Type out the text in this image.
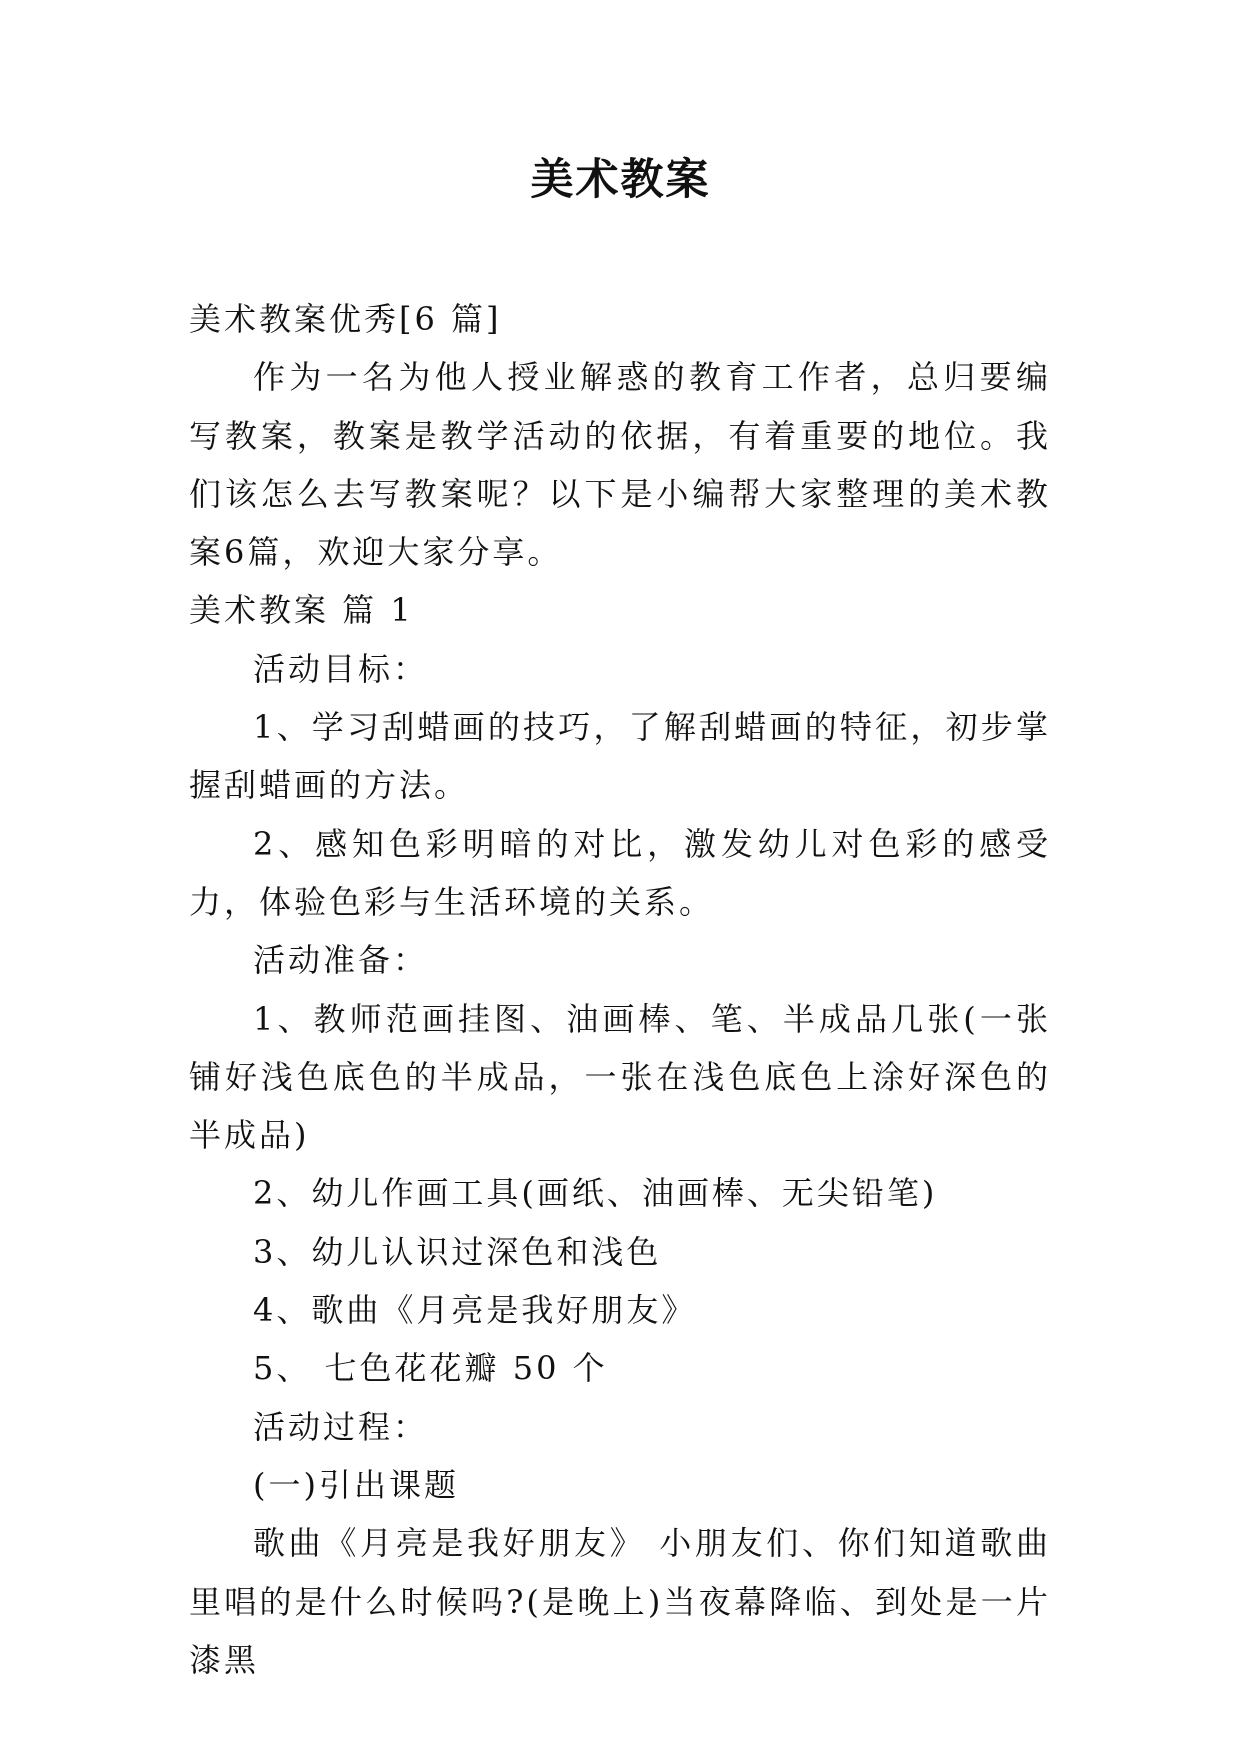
美术教案

美术教案优秀[6 篇]

作为一名为他人授业解惑的教育工作者，总归要编写教案，教案是教学活动的依据，有着重要的地位。我们该怎么去写教案呢？以下是小编帮大家整理的美术教案6篇，欢迎大家分享。

美术教案 篇 1

活动目标：

1、学习刮蜡画的技巧，了解刮蜡画的特征，初步掌握刮蜡画的方法。

2、感知色彩明暗的对比，激发幼儿对色彩的感受力，体验色彩与生活环境的关系。

活动准备：

1、教师范画挂图、油画棒、笔、半成品几张(一张铺好浅色底色的半成品，一张在浅色底色上涂好深色的半成品)

2、幼儿作画工具(画纸、油画棒、无尖铅笔)

3、幼儿认识过深色和浅色

4、歌曲《月亮是我好朋友》

5、 七色花花瓣 50 个

活动过程：

(一)引出课题

歌曲《月亮是我好朋友》 小朋友们、你们知道歌曲里唱的是什么时候吗?(是晚上)当夜幕降临、到处是一片漆黑
